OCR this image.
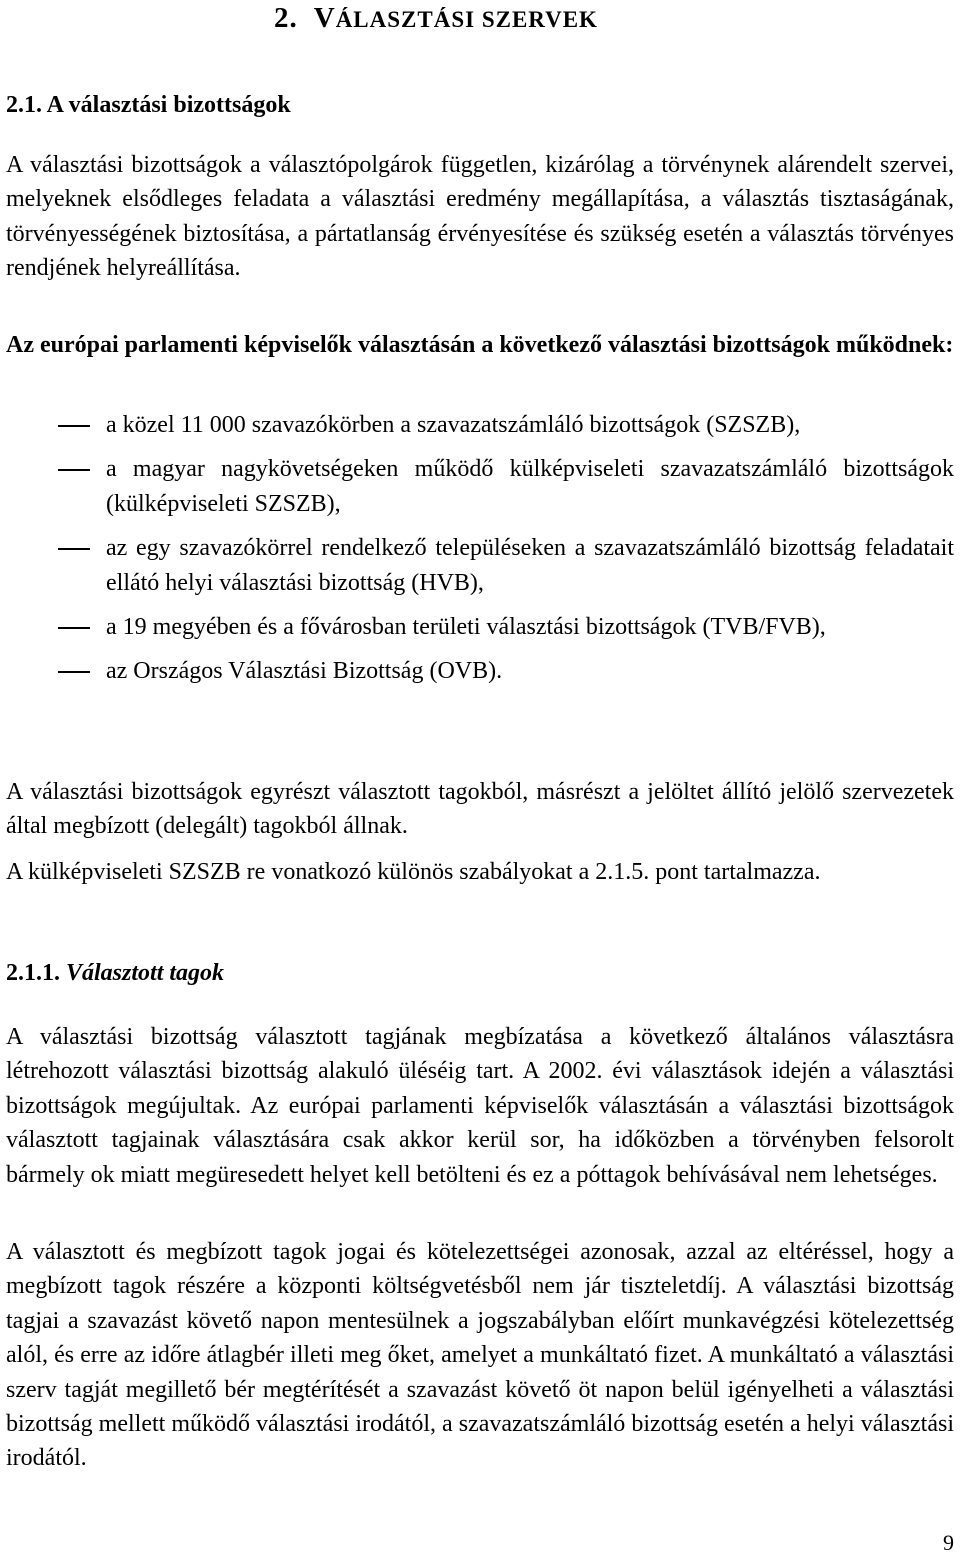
2. VÁLASZTÁSI SZERVEK
2.1. A választási bizottságok

A választási bizottságok a választópolgárok független, kizárólag a törvénynek alárendelt szervei, melyeknek elsődleges feladata a választási eredmény megállapítása, a választás tisztaságának, törvényességének biztosítása, a pártatlanság érvényesítése és szükség esetén a választás törvényes rendjének helyreállítása.

Az európai parlamenti képviselők választásán a következő választási bizottságok működnek:

a közel 11 000 szavazókörben a szavazatszámláló bizottságok (SZSZB),
a magyar nagykövetségeken működő külképviseleti szavazatszámláló bizottságok (külképviseleti SZSZB),
az egy szavazókörrel rendelkező településeken a szavazatszámláló bizottság feladatait ellátó helyi választási bizottság (HVB),
a 19 megyében és a fővárosban területi választási bizottságok (TVB/FVB),
az Országos Választási Bizottság (OVB).

A választási bizottságok egyrészt választott tagokból, másrészt a jelöltet állító jelölő szervezetek által megbízott (delegált) tagokból állnak.

A külképviseleti SZSZB re vonatkozó különös szabályokat a 2.1.5. pont tartalmazza.

2.1.1. Választott tagok

A választási bizottság választott tagjának megbízatása a következő általános választásra létrehozott választási bizottság alakuló üléséig tart. A 2002. évi választások idején a választási bizottságok megújultak. Az európai parlamenti képviselők választásán a választási bizottságok választott tagjainak választására csak akkor kerül sor, ha időközben a törvényben felsorolt bármely ok miatt megüresedett helyet kell betölteni és ez a póttagok behívásával nem lehetséges.

A választott és megbízott tagok jogai és kötelezettségei azonosak, azzal az eltéréssel, hogy a megbízott tagok részére a központi költségvetésből nem jár tiszteletdíj. A választási bizottság tagjai a szavazást követő napon mentesülnek a jogszabályban előírt munkavégzési kötelezettség alól, és erre az időre átlagbér illeti meg őket, amelyet a munkáltató fizet. A munkáltató a választási szerv tagját megillető bér megtérítését a szavazást követő öt napon belül igényelheti a választási bizottság mellett működő választási irodától, a szavazatszámláló bizottság esetén a helyi választási irodától.

9
